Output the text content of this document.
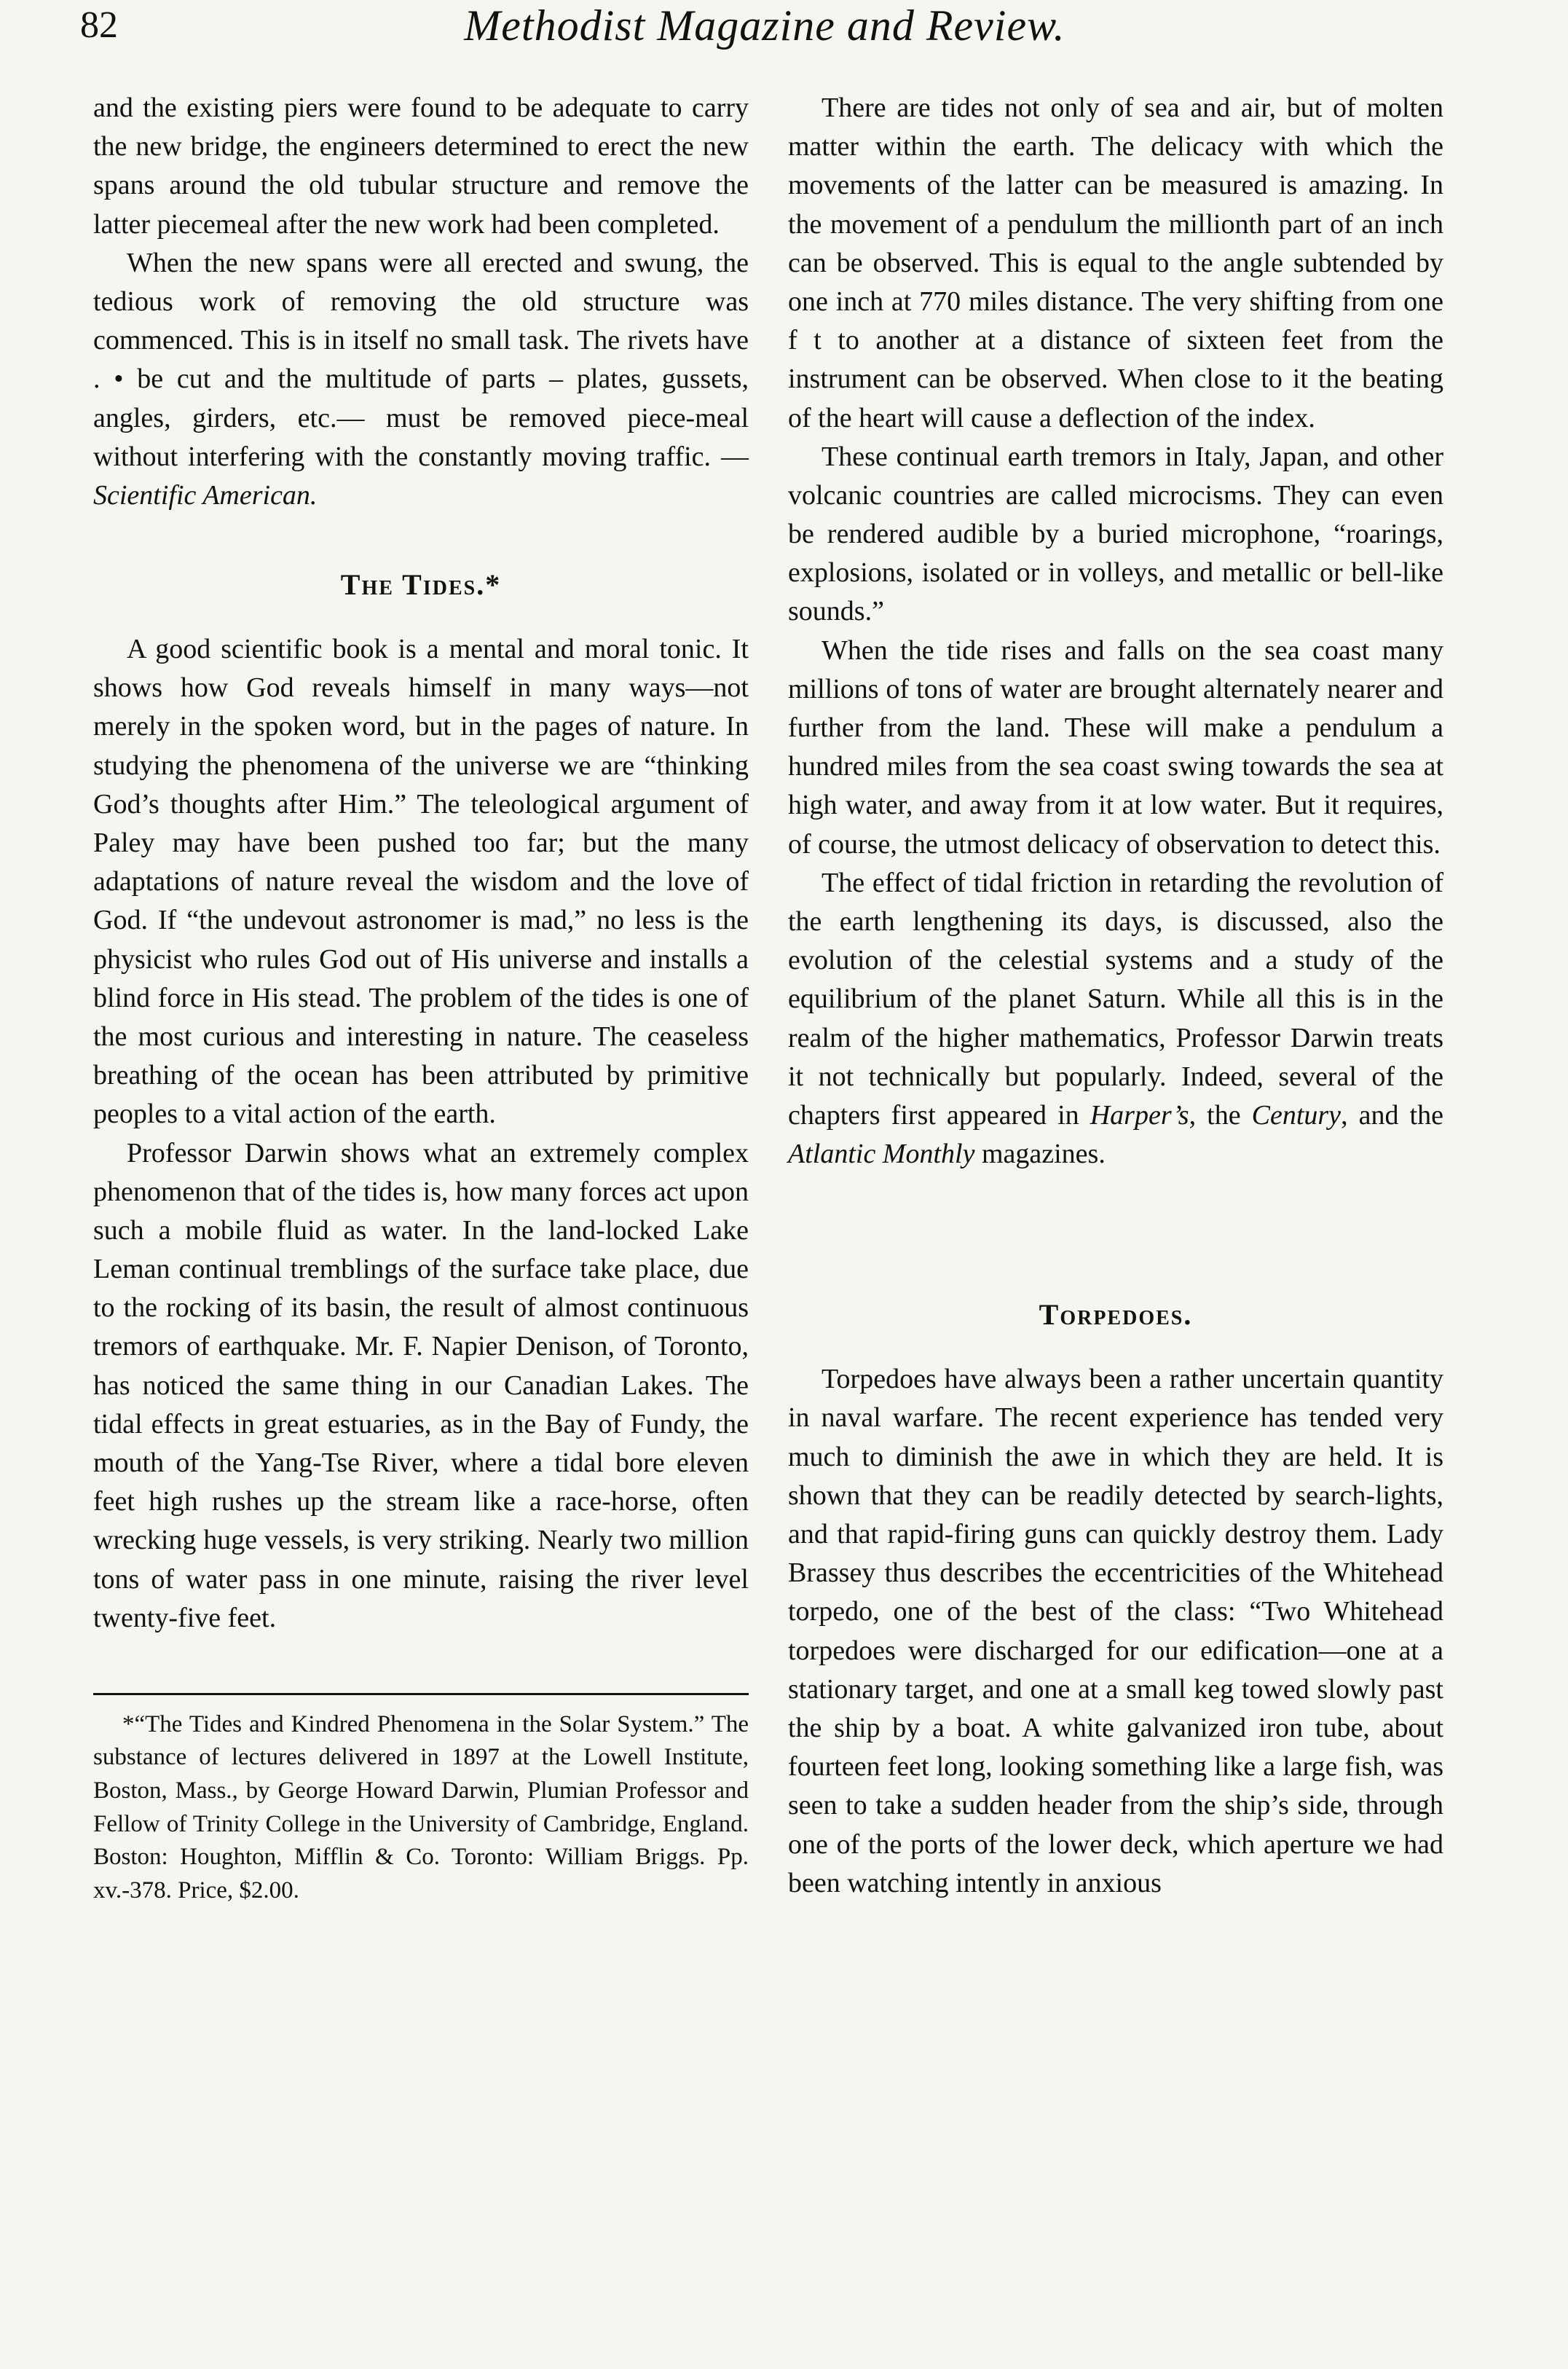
82	Methodist Magazine and Review.

and the existing piers were found to be adequate to carry the new bridge, the engineers determined to erect the new spans around the old tubular structure and remove the latter piecemeal after the new work had been completed.

When the new spans were all erected and swung, the tedious work of removing the old structure was commenced. This is in itself no small task. The rivets have . • be cut and the multitude of parts – plates, gussets, angles, girders, etc.— must be removed piece-meal without interfering with the constantly moving traffic. —Scientific American.

The Tides.*

A good scientific book is a mental and moral tonic. It shows how God reveals himself in many ways—not merely in the spoken word, but in the pages of nature. In studying the phenomena of the universe we are “thinking God’s thoughts after Him.” The teleological argument of Paley may have been pushed too far; but the many adaptations of nature reveal the wisdom and the love of God. If “the undevout astronomer is mad,” no less is the physicist who rules God out of His universe and installs a blind force in His stead. The problem of the tides is one of the most curious and interesting in nature. The ceaseless breathing of the ocean has been attributed by primitive peoples to a vital action of the earth.

Professor Darwin shows what an extremely complex phenomenon that of the tides is, how many forces act upon such a mobile fluid as water. In the land-locked Lake Leman continual tremblings of the surface take place, due to the rocking of its basin, the result of almost continuous tremors of earthquake. Mr. F. Napier Denison, of Toronto, has noticed the same thing in our Canadian Lakes. The tidal effects in great estuaries, as in the Bay of Fundy, the mouth of the Yang-Tse River, where a tidal bore eleven feet high rushes up the stream like a race-horse, often wrecking huge vessels, is very striking. Nearly two million tons of water pass in one minute, raising the river level twenty-five feet.

*“The Tides and Kindred Phenomena in the Solar System.” The substance of lectures delivered in 1897 at the Lowell Institute, Boston, Mass., by George Howard Darwin, Plumian Professor and Fellow of Trinity College in the University of Cambridge, England. Boston: Houghton, Mifflin & Co. Toronto: William Briggs. Pp. xv.-378. Price, $2.00.

There are tides not only of sea and air, but of molten matter within the earth. The delicacy with which the movements of the latter can be measured is amazing. In the movement of a pendulum the millionth part of an inch can be observed. This is equal to the angle subtended by one inch at 770 miles distance. The very shifting from one f t to another at a distance of sixteen feet from the instrument can be observed. When close to it the beating of the heart will cause a deflection of the index.

These continual earth tremors in Italy, Japan, and other volcanic countries are called microcisms. They can even be rendered audible by a buried microphone, “roarings, explosions, isolated or in volleys, and metallic or bell-like sounds.”

When the tide rises and falls on the sea coast many millions of tons of water are brought alternately nearer and further from the land. These will make a pendulum a hundred miles from the sea coast swing towards the sea at high water, and away from it at low water. But it requires, of course, the utmost delicacy of observation to detect this.

The effect of tidal friction in retarding the revolution of the earth lengthening its days, is discussed, also the evolution of the celestial systems and a study of the equilibrium of the planet Saturn. While all this is in the realm of the higher mathematics, Professor Darwin treats it not technically but popularly. Indeed, several of the chapters first appeared in Harper’s, the Century, and the Atlantic Monthly magazines.

Torpedoes.

Torpedoes have always been a rather uncertain quantity in naval warfare. The recent experience has tended very much to diminish the awe in which they are held. It is shown that they can be readily detected by search-lights, and that rapid-firing guns can quickly destroy them. Lady Brassey thus describes the eccentricities of the Whitehead torpedo, one of the best of the class: “Two Whitehead torpedoes were discharged for our edification—one at a stationary target, and one at a small keg towed slowly past the ship by a boat. A white galvanized iron tube, about fourteen feet long, looking something like a large fish, was seen to take a sudden header from the ship’s side, through one of the ports of the lower deck, which aperture we had been watching intently in anxious
